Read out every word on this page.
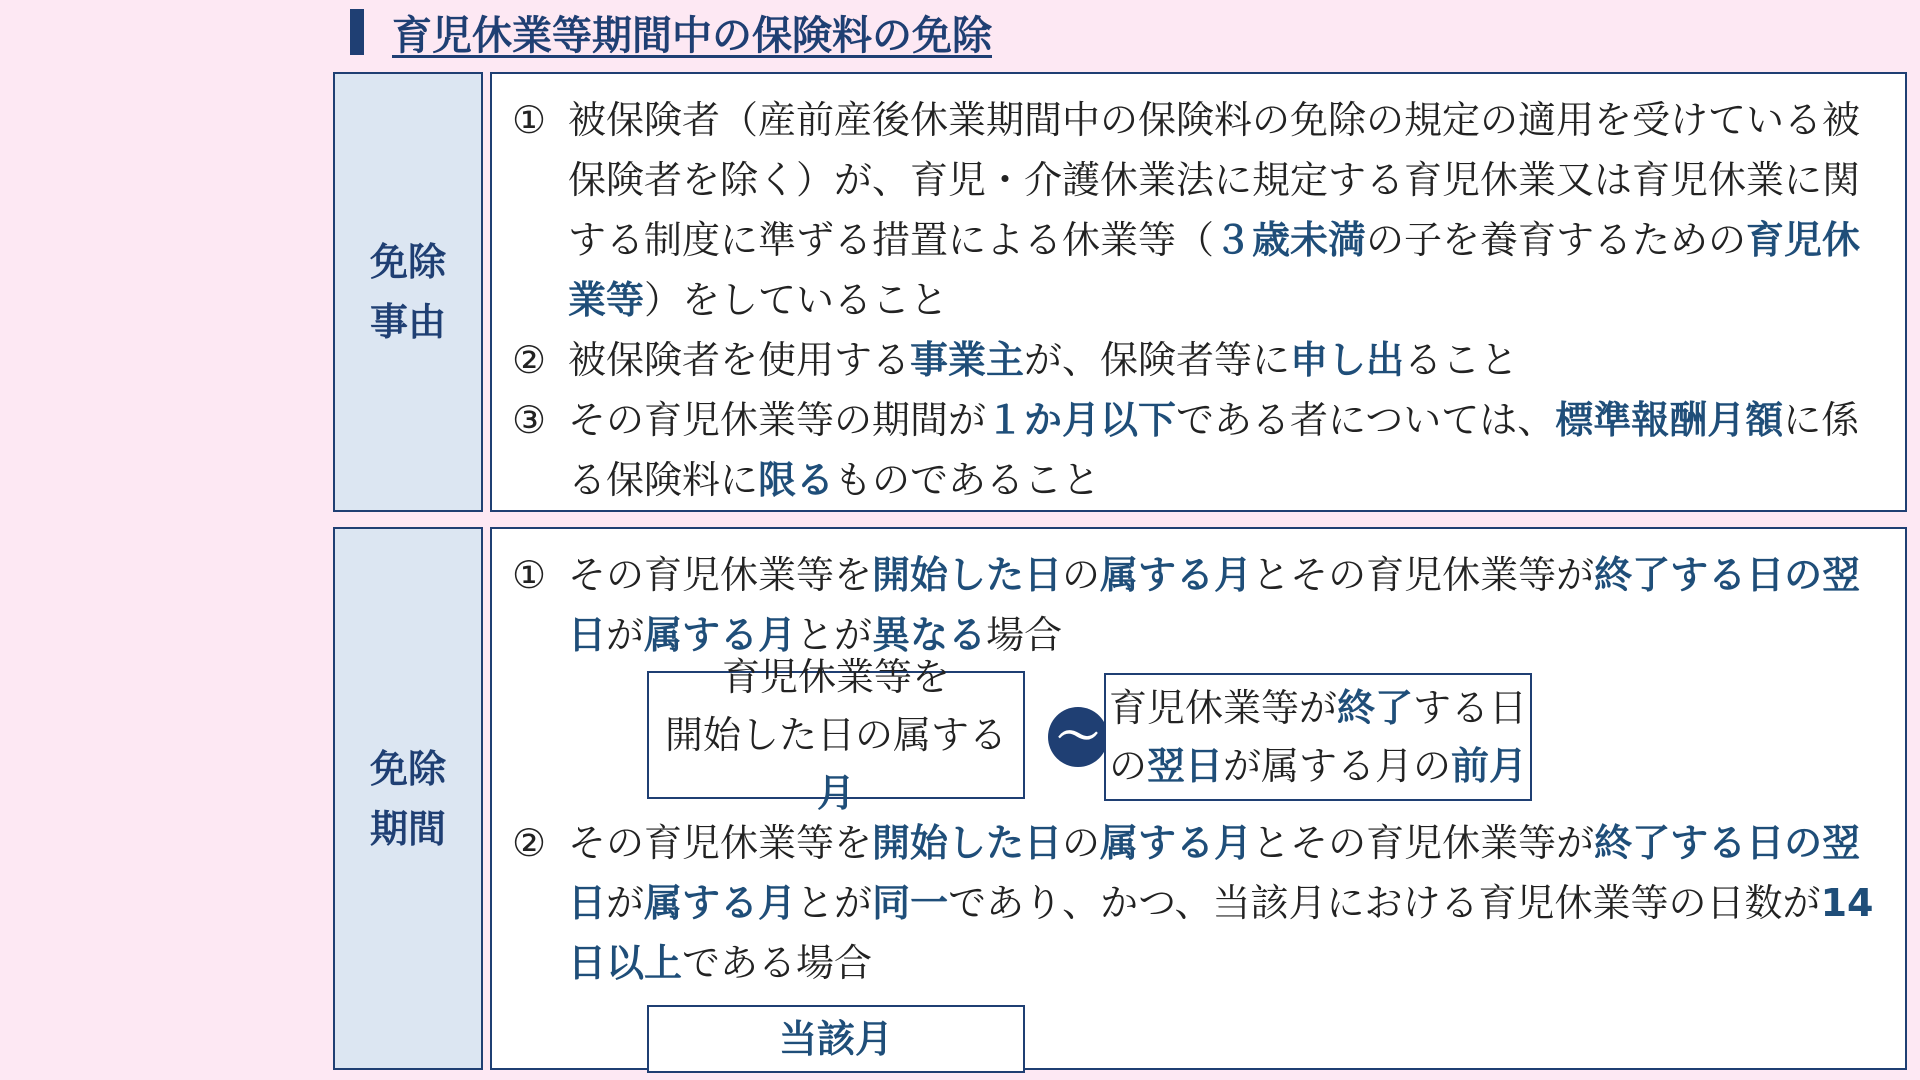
育児休業等期間中の保険料の免除
免除事由
① 被保険者（産前産後休業期間中の保険料の免除の規定の適用を受けている被保険者を除く）が、育児・介護休業法に規定する育児休業又は育児休業に関する制度に準ずる措置による休業等（３歳未満の子を養育するための育児休業等）をしていること
② 被保険者を使用する事業主が、保険者等に申し出ること
③ その育児休業等の期間が１か月以下である者については、標準報酬月額に係る保険料に限るものであること
免除期間
① その育児休業等を開始した日の属する月とその育児休業等が終了する日の翌日が属する月とが異なる場合
育児休業等を
開始した日の属する月
～
育児休業等が終了する日
の翌日が属する月の前月
② その育児休業等を開始した日の属する月とその育児休業等が終了する日の翌日が属する月とが同一であり、かつ、当該月における育児休業等の日数が14日以上である場合
当該月
